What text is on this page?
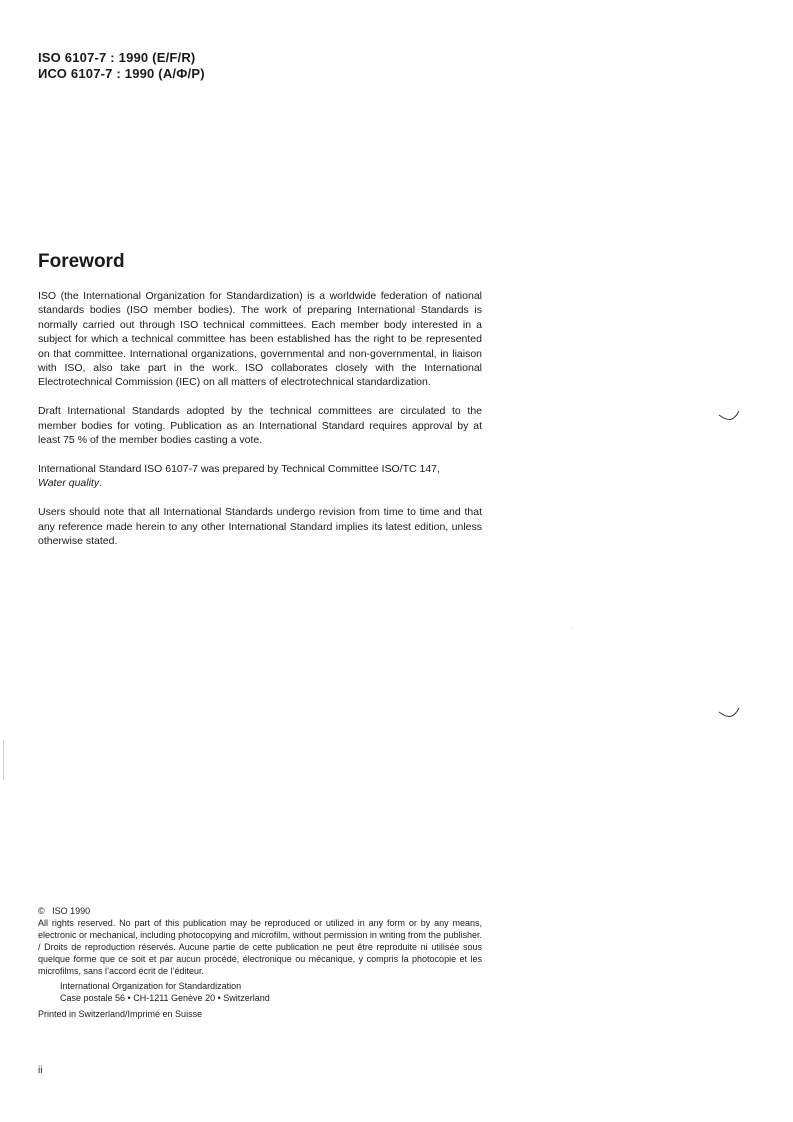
ISO 6107-7 : 1990 (E/F/R)
ИСО 6107-7 : 1990 (А/Ф/Р)
Foreword

ISO (the International Organization for Standardization) is a worldwide federation of national standards bodies (ISO member bodies). The work of preparing International Standards is normally carried out through ISO technical committees. Each member body interested in a subject for which a technical committee has been established has the right to be represented on that committee. International organizations, governmental and non-governmental, in liaison with ISO, also take part in the work. ISO collaborates closely with the International Electrotechnical Commission (IEC) on all matters of electrotechnical standardization.

Draft International Standards adopted by the technical committees are circulated to the member bodies for voting. Publication as an International Standard requires approval by at least 75 % of the member bodies casting a vote.

International Standard ISO 6107-7 was prepared by Technical Committee ISO/TC 147,
Water quality.

Users should note that all International Standards undergo revision from time to time and that any reference made herein to any other International Standard implies its latest edition, unless otherwise stated.

© ISO 1990

All rights reserved. No part of this publication may be reproduced or utilized in any form or by any means, electronic or mechanical, including photocopying and microfilm, without permission in writing from the publisher. / Droits de reproduction réservés. Aucune partie de cette publication ne peut être reproduite ni utilisée sous quelque forme que ce soit et par aucun procédé, électronique ou mécanique, y compris la photocopie et les microfilms, sans l’accord écrit de l’éditeur.

International Organization for Standardization
Case postale 56 • CH-1211 Genève 20 • Switzerland
Printed in Switzerland/Imprimé en Suisse
ii
